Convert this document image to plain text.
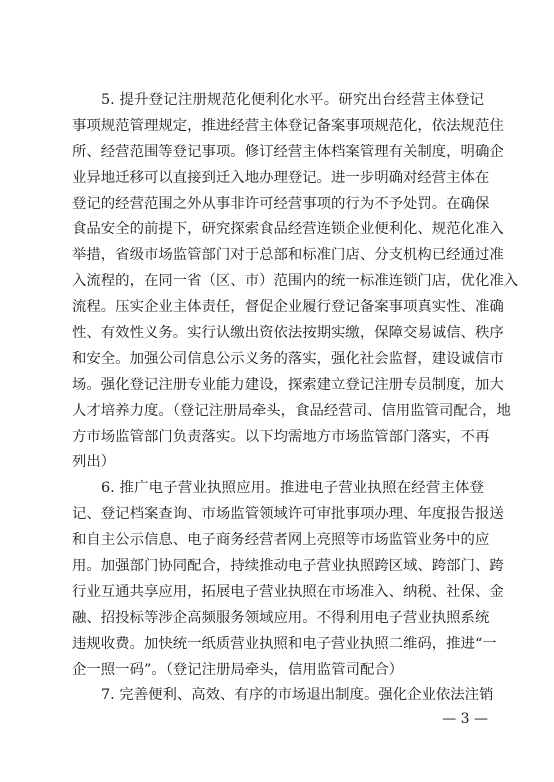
5. 提升登记注册规范化便利化水平。研究出台经营主体登记
事项规范管理规定，推进经营主体登记备案事项规范化，依法规范住
所、经营范围等登记事项。修订经营主体档案管理有关制度，明确企
业异地迁移可以直接到迁入地办理登记。进一步明确对经营主体在
登记的经营范围之外从事非许可经营事项的行为不予处罚。在确保
食品安全的前提下，研究探索食品经营连锁企业便利化、规范化准入
举措，省级市场监管部门对于总部和标准门店、分支机构已经通过准
入流程的，在同一省（区、市）范围内的统一标准连锁门店，优化准入
流程。压实企业主体责任，督促企业履行登记备案事项真实性、准确
性、有效性义务。实行认缴出资依法按期实缴，保障交易诚信、秩序
和安全。加强公司信息公示义务的落实，强化社会监督，建设诚信市
场。强化登记注册专业能力建设，探索建立登记注册专员制度，加大
人才培养力度。（登记注册局牵头，食品经营司、信用监管司配合，地
方市场监管部门负责落实。以下均需地方市场监管部门落实，不再
列出）
6. 推广电子营业执照应用。推进电子营业执照在经营主体登
记、登记档案查询、市场监管领域许可审批事项办理、年度报告报送
和自主公示信息、电子商务经营者网上亮照等市场监管业务中的应
用。加强部门协同配合，持续推动电子营业执照跨区域、跨部门、跨
行业互通共享应用，拓展电子营业执照在市场准入、纳税、社保、金
融、招投标等涉企高频服务领域应用。不得利用电子营业执照系统
违规收费。加快统一纸质营业执照和电子营业执照二维码，推进“一
企一照一码”。（登记注册局牵头，信用监管司配合）
7. 完善便利、高效、有序的市场退出制度。强化企业依法注销
— 3 —
